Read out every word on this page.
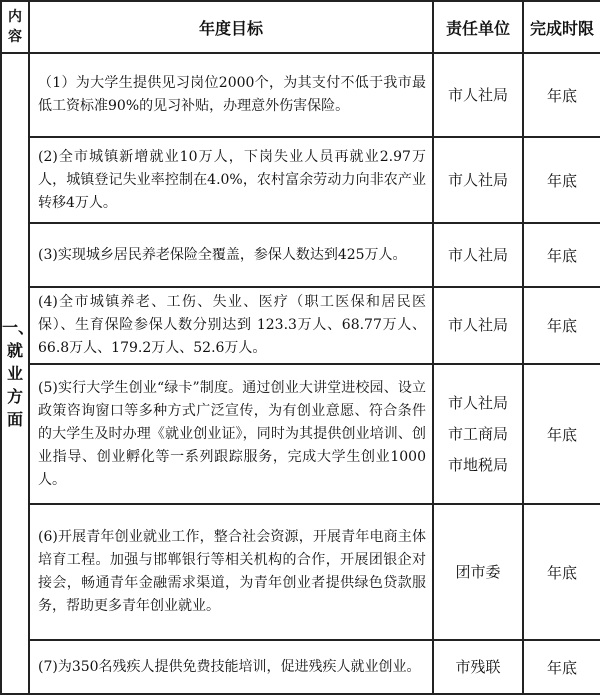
内容	年度目标	责任单位	完成时限

一、
就
业
方
面	（1）为大学生提供见习岗位2000个，为其支付不低于我市最低工资标准90%的见习补贴，办理意外伤害保险。	市人社局	年底
	(2)全市城镇新增就业10万人，下岗失业人员再就业2.97万人，城镇登记失业率控制在4.0%，农村富余劳动力向非农产业转移4万人。	市人社局	年底
	(3)实现城乡居民养老保险全覆盖，参保人数达到425万人。	市人社局	年底
	(4)全市城镇养老、工伤、失业、医疗（职工医保和居民医保）、生育保险参保人数分别达到 123.3万人、68.77万人、66.8万人、179.2万人、52.6万人。	市人社局	年底
	(5)实行大学生创业“绿卡”制度。通过创业大讲堂进校园、设立政策咨询窗口等多种方式广泛宣传，为有创业意愿、符合条件的大学生及时办理《就业创业证》，同时为其提供创业培训、创业指导、创业孵化等一系列跟踪服务，完成大学生创业1000人。	市人社局
市工商局
市地税局	年底
	(6)开展青年创业就业工作，整合社会资源，开展青年电商主体培育工程。加强与邯郸银行等相关机构的合作，开展团银企对接会，畅通青年金融需求渠道，为青年创业者提供绿色贷款服务，帮助更多青年创业就业。	团市委	年底
	(7)为350名残疾人提供免费技能培训，促进残疾人就业创业。	市残联	年底
